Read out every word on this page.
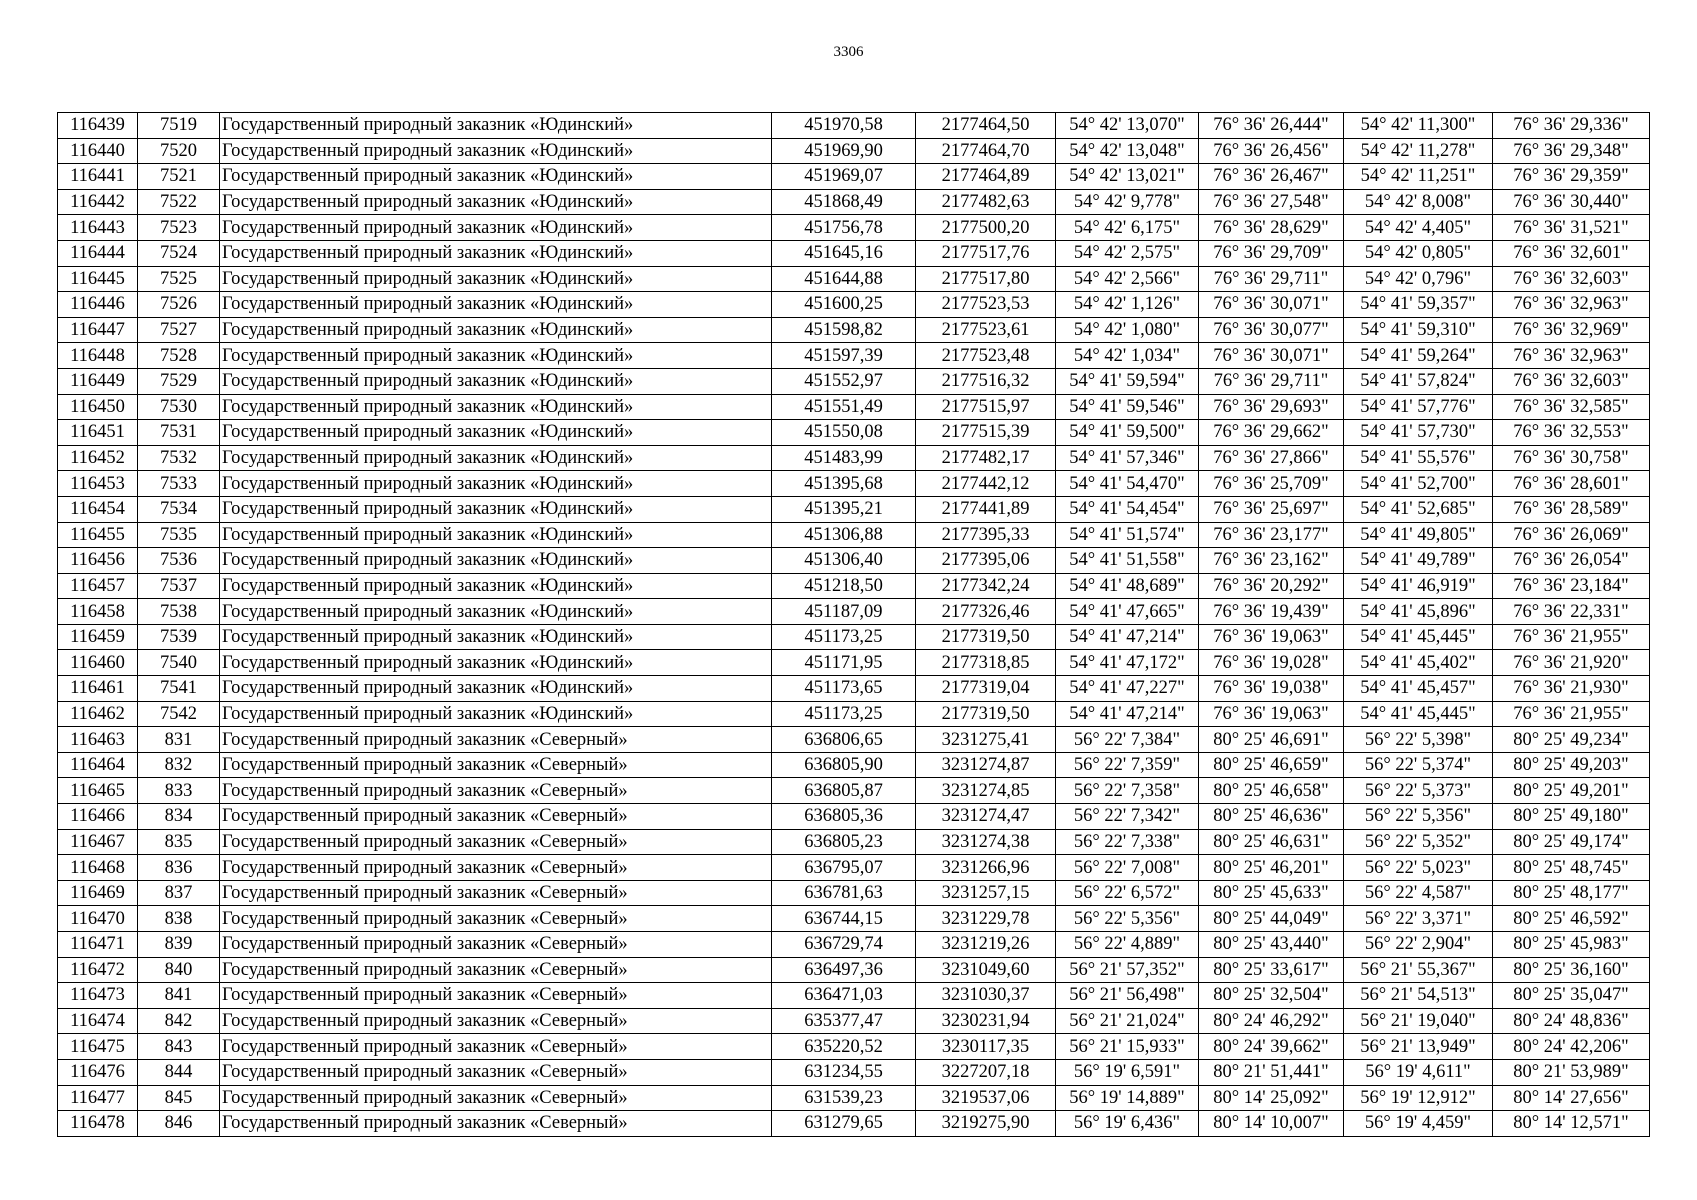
3306
116439	7519	Государственный природный заказник «Юдинский»	451970,58	2177464,50	54° 42' 13,070"	76° 36' 26,444"	54° 42' 11,300"	76° 36' 29,336"
116440	7520	Государственный природный заказник «Юдинский»	451969,90	2177464,70	54° 42' 13,048"	76° 36' 26,456"	54° 42' 11,278"	76° 36' 29,348"
116441	7521	Государственный природный заказник «Юдинский»	451969,07	2177464,89	54° 42' 13,021"	76° 36' 26,467"	54° 42' 11,251"	76° 36' 29,359"
116442	7522	Государственный природный заказник «Юдинский»	451868,49	2177482,63	54° 42' 9,778"	76° 36' 27,548"	54° 42' 8,008"	76° 36' 30,440"
116443	7523	Государственный природный заказник «Юдинский»	451756,78	2177500,20	54° 42' 6,175"	76° 36' 28,629"	54° 42' 4,405"	76° 36' 31,521"
116444	7524	Государственный природный заказник «Юдинский»	451645,16	2177517,76	54° 42' 2,575"	76° 36' 29,709"	54° 42' 0,805"	76° 36' 32,601"
116445	7525	Государственный природный заказник «Юдинский»	451644,88	2177517,80	54° 42' 2,566"	76° 36' 29,711"	54° 42' 0,796"	76° 36' 32,603"
116446	7526	Государственный природный заказник «Юдинский»	451600,25	2177523,53	54° 42' 1,126"	76° 36' 30,071"	54° 41' 59,357"	76° 36' 32,963"
116447	7527	Государственный природный заказник «Юдинский»	451598,82	2177523,61	54° 42' 1,080"	76° 36' 30,077"	54° 41' 59,310"	76° 36' 32,969"
116448	7528	Государственный природный заказник «Юдинский»	451597,39	2177523,48	54° 42' 1,034"	76° 36' 30,071"	54° 41' 59,264"	76° 36' 32,963"
116449	7529	Государственный природный заказник «Юдинский»	451552,97	2177516,32	54° 41' 59,594"	76° 36' 29,711"	54° 41' 57,824"	76° 36' 32,603"
116450	7530	Государственный природный заказник «Юдинский»	451551,49	2177515,97	54° 41' 59,546"	76° 36' 29,693"	54° 41' 57,776"	76° 36' 32,585"
116451	7531	Государственный природный заказник «Юдинский»	451550,08	2177515,39	54° 41' 59,500"	76° 36' 29,662"	54° 41' 57,730"	76° 36' 32,553"
116452	7532	Государственный природный заказник «Юдинский»	451483,99	2177482,17	54° 41' 57,346"	76° 36' 27,866"	54° 41' 55,576"	76° 36' 30,758"
116453	7533	Государственный природный заказник «Юдинский»	451395,68	2177442,12	54° 41' 54,470"	76° 36' 25,709"	54° 41' 52,700"	76° 36' 28,601"
116454	7534	Государственный природный заказник «Юдинский»	451395,21	2177441,89	54° 41' 54,454"	76° 36' 25,697"	54° 41' 52,685"	76° 36' 28,589"
116455	7535	Государственный природный заказник «Юдинский»	451306,88	2177395,33	54° 41' 51,574"	76° 36' 23,177"	54° 41' 49,805"	76° 36' 26,069"
116456	7536	Государственный природный заказник «Юдинский»	451306,40	2177395,06	54° 41' 51,558"	76° 36' 23,162"	54° 41' 49,789"	76° 36' 26,054"
116457	7537	Государственный природный заказник «Юдинский»	451218,50	2177342,24	54° 41' 48,689"	76° 36' 20,292"	54° 41' 46,919"	76° 36' 23,184"
116458	7538	Государственный природный заказник «Юдинский»	451187,09	2177326,46	54° 41' 47,665"	76° 36' 19,439"	54° 41' 45,896"	76° 36' 22,331"
116459	7539	Государственный природный заказник «Юдинский»	451173,25	2177319,50	54° 41' 47,214"	76° 36' 19,063"	54° 41' 45,445"	76° 36' 21,955"
116460	7540	Государственный природный заказник «Юдинский»	451171,95	2177318,85	54° 41' 47,172"	76° 36' 19,028"	54° 41' 45,402"	76° 36' 21,920"
116461	7541	Государственный природный заказник «Юдинский»	451173,65	2177319,04	54° 41' 47,227"	76° 36' 19,038"	54° 41' 45,457"	76° 36' 21,930"
116462	7542	Государственный природный заказник «Юдинский»	451173,25	2177319,50	54° 41' 47,214"	76° 36' 19,063"	54° 41' 45,445"	76° 36' 21,955"
116463	831	Государственный природный заказник «Северный»	636806,65	3231275,41	56° 22' 7,384"	80° 25' 46,691"	56° 22' 5,398"	80° 25' 49,234"
116464	832	Государственный природный заказник «Северный»	636805,90	3231274,87	56° 22' 7,359"	80° 25' 46,659"	56° 22' 5,374"	80° 25' 49,203"
116465	833	Государственный природный заказник «Северный»	636805,87	3231274,85	56° 22' 7,358"	80° 25' 46,658"	56° 22' 5,373"	80° 25' 49,201"
116466	834	Государственный природный заказник «Северный»	636805,36	3231274,47	56° 22' 7,342"	80° 25' 46,636"	56° 22' 5,356"	80° 25' 49,180"
116467	835	Государственный природный заказник «Северный»	636805,23	3231274,38	56° 22' 7,338"	80° 25' 46,631"	56° 22' 5,352"	80° 25' 49,174"
116468	836	Государственный природный заказник «Северный»	636795,07	3231266,96	56° 22' 7,008"	80° 25' 46,201"	56° 22' 5,023"	80° 25' 48,745"
116469	837	Государственный природный заказник «Северный»	636781,63	3231257,15	56° 22' 6,572"	80° 25' 45,633"	56° 22' 4,587"	80° 25' 48,177"
116470	838	Государственный природный заказник «Северный»	636744,15	3231229,78	56° 22' 5,356"	80° 25' 44,049"	56° 22' 3,371"	80° 25' 46,592"
116471	839	Государственный природный заказник «Северный»	636729,74	3231219,26	56° 22' 4,889"	80° 25' 43,440"	56° 22' 2,904"	80° 25' 45,983"
116472	840	Государственный природный заказник «Северный»	636497,36	3231049,60	56° 21' 57,352"	80° 25' 33,617"	56° 21' 55,367"	80° 25' 36,160"
116473	841	Государственный природный заказник «Северный»	636471,03	3231030,37	56° 21' 56,498"	80° 25' 32,504"	56° 21' 54,513"	80° 25' 35,047"
116474	842	Государственный природный заказник «Северный»	635377,47	3230231,94	56° 21' 21,024"	80° 24' 46,292"	56° 21' 19,040"	80° 24' 48,836"
116475	843	Государственный природный заказник «Северный»	635220,52	3230117,35	56° 21' 15,933"	80° 24' 39,662"	56° 21' 13,949"	80° 24' 42,206"
116476	844	Государственный природный заказник «Северный»	631234,55	3227207,18	56° 19' 6,591"	80° 21' 51,441"	56° 19' 4,611"	80° 21' 53,989"
116477	845	Государственный природный заказник «Северный»	631539,23	3219537,06	56° 19' 14,889"	80° 14' 25,092"	56° 19' 12,912"	80° 14' 27,656"
116478	846	Государственный природный заказник «Северный»	631279,65	3219275,90	56° 19' 6,436"	80° 14' 10,007"	56° 19' 4,459"	80° 14' 12,571"
